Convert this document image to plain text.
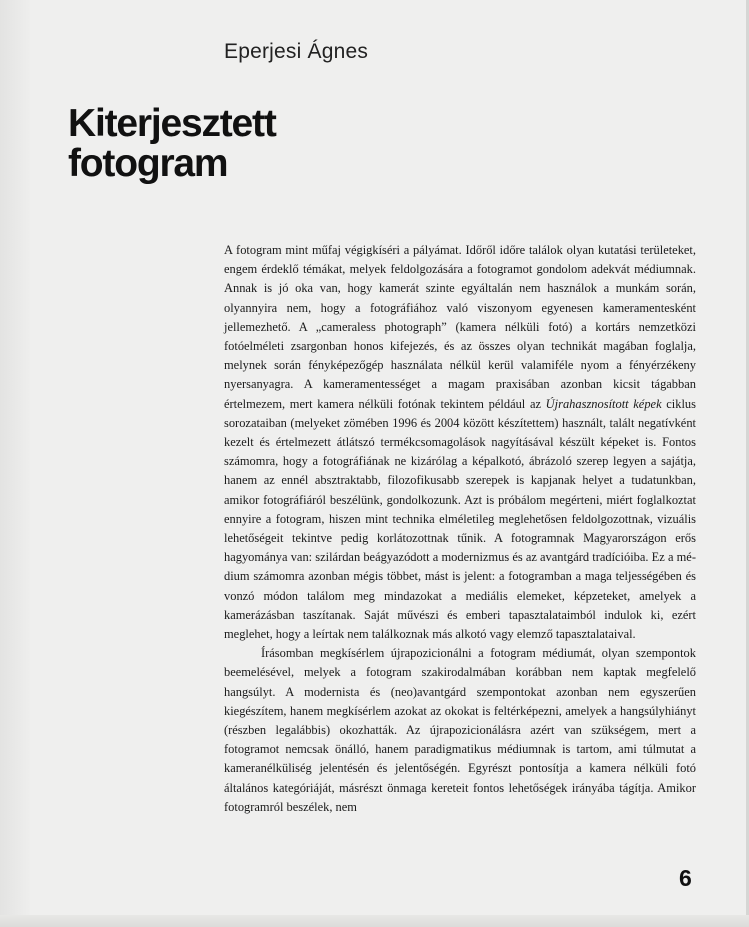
Eperjesi Ágnes
Kiterjesztett
fotogram

A fotogram mint műfaj végigkíséri a pályámat. Időről időre találok olyan kutatási területeket, engem érdeklő témákat, melyek feldolgozására a fotogramot gondolom adekvát médiumnak. Annak is jó oka van, hogy kamerát szinte egyáltalán nem használok a munkám során, olyannyira nem, hogy a fotográfiához való viszonyom egyenesen kameramentesként jellemezhető. A „cameraless photograph” (kamera nélküli fotó) a kortárs nemzetközi fotóelméleti zsargonban honos kifejezés, és az összes olyan technikát magában foglalja, melynek során fényképezőgép használata nélkül kerül valamiféle nyom a fényérzékeny nyersanyagra. A kameramentességet a magam praxisában azonban kicsit tágabban értelmezem, mert kamera nélküli fotónak tekintem például az Újrahasznosított képek ciklus sorozataiban (melyeket zömében 1996 és 2004 között készítettem) használt, talált negatívként kezelt és értelmezett átlátszó termékcsomagolások nagyításával készült képeket is. Fontos számomra, hogy a fotográfiának ne kizárólag a képalkotó, ábrázoló szerep legyen a sajátja, hanem az ennél absztraktabb, filozofikusabb szerepek is kapjanak helyet a tudatunkban, amikor fotográfiáról beszélünk, gondolkozunk. Azt is próbálom megérteni, miért foglalkoztat ennyire a fotogram, hiszen mint technika elméletileg meglehetősen feldolgozottnak, vizuális lehetőségeit tekintve pedig korlátozottnak tűnik. A fotogramnak Magyarországon erős hagyománya van: szilárdan beágyazódott a modernizmus és az avantgárd tradícióiba. Ez a médium számomra azonban mégis többet, mást is jelent: a fotogramban a maga teljességében és vonzó módon találom meg mindazokat a mediális elemeket, képzeteket, amelyek a kamerázásban taszítanak. Saját művészi és emberi tapasztalataimból indulok ki, ezért meglehet, hogy a leírtak nem találkoznak más alkotó vagy elemző tapasztalataival.

Írásomban megkísérlem újrapozicionálni a fotogram médiumát, olyan szempontok beemelésével, melyek a fotogram szakirodalmában korábban nem kaptak megfelelő hangsúlyt. A modernista és (neo)avantgárd szempontokat azonban nem egyszerűen kiegészítem, hanem megkísérlem azokat az okokat is feltérképezni, amelyek a hangsúlyhiányt (részben legalábbis) okozhatták. Az újrapozicionálásra azért van szükségem, mert a fotogramot nemcsak önálló, hanem paradigmatikus médiumnak is tartom, ami túlmutat a kameranélküliség jelentésén és jelentőségén. Egyrészt pontosítja a kamera nélküli fotó általános kategóriáját, másrészt önmaga kereteit fontos lehetőségek irányába tágítja. Amikor fotogramról beszélek, nem

6
